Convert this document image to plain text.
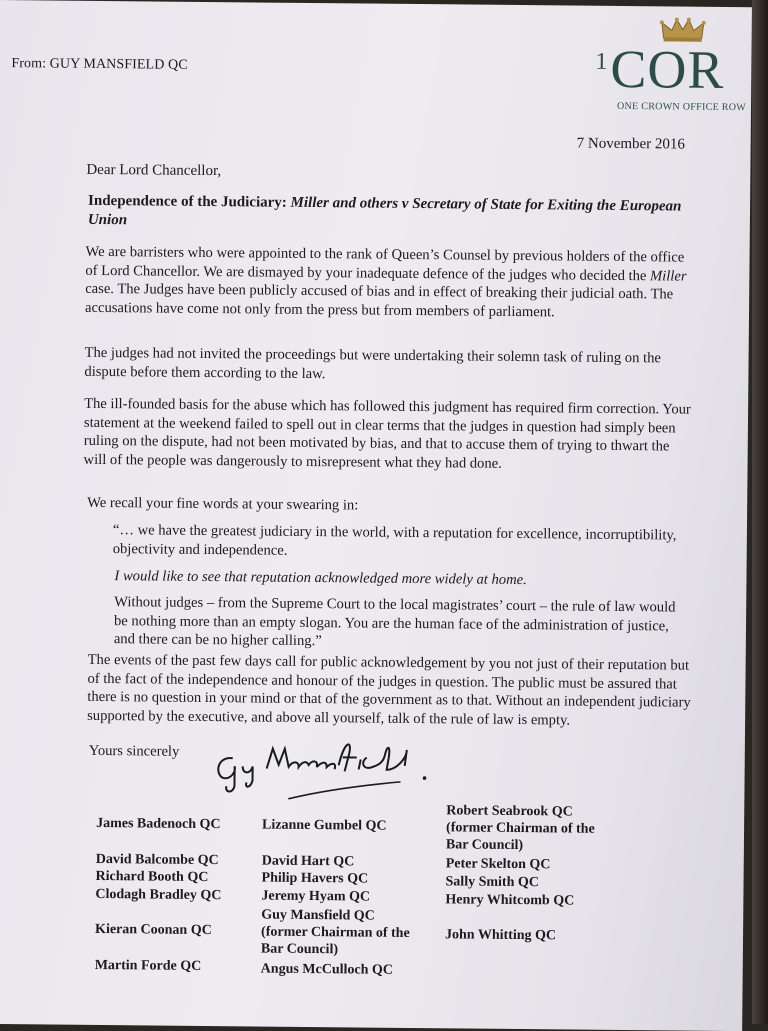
From: GUY MANSFIELD QC	$^1$COR
ONE CROWN OFFICE ROW
7 November 2016
Dear Lord Chancellor,
Independence of the Judiciary: Miller and others v Secretary of State for Exiting the European Union
We are barristers who were appointed to the rank of Queen’s Counsel by previous holders of the office of Lord Chancellor. We are dismayed by your inadequate defence of the judges who decided the Miller case. The Judges have been publicly accused of bias and in effect of breaking their judicial oath. The accusations have come not only from the press but from members of parliament.
The judges had not invited the proceedings but were undertaking their solemn task of ruling on the dispute before them according to the law.
The ill-founded basis for the abuse which has followed this judgment has required firm correction. Your statement at the weekend failed to spell out in clear terms that the judges in question had simply been ruling on the dispute, had not been motivated by bias, and that to accuse them of trying to thwart the will of the people was dangerously to misrepresent what they had done.
We recall your fine words at your swearing in:
“… we have the greatest judiciary in the world, with a reputation for excellence, incorruptibility, objectivity and independence.
I would like to see that reputation acknowledged more widely at home.
Without judges – from the Supreme Court to the local magistrates’ court – the rule of law would be nothing more than an empty slogan. You are the human face of the administration of justice, and there can be no higher calling.”
The events of the past few days call for public acknowledgement by you not just of their reputation but of the fact of the independence and honour of the judges in question. The public must be assured that there is no question in your mind or that of the government as to that. Without an independent judiciary supported by the executive, and above all yourself, talk of the rule of law is empty.
Yours sincerely
James Badenoch QC
David Balcombe QC
Richard Booth QC
Clodagh Bradley QC
Kieran Coonan QC
Martin Forde QC
Lizanne Gumbel QC
David Hart QC
Philip Havers QC
Jeremy Hyam QC
Guy Mansfield QC
(former Chairman of the
Bar Council)
Angus McCulloch QC
Robert Seabrook QC
(former Chairman of the
Bar Council)
Peter Skelton QC
Sally Smith QC
Henry Whitcomb QC
John Whitting QC
